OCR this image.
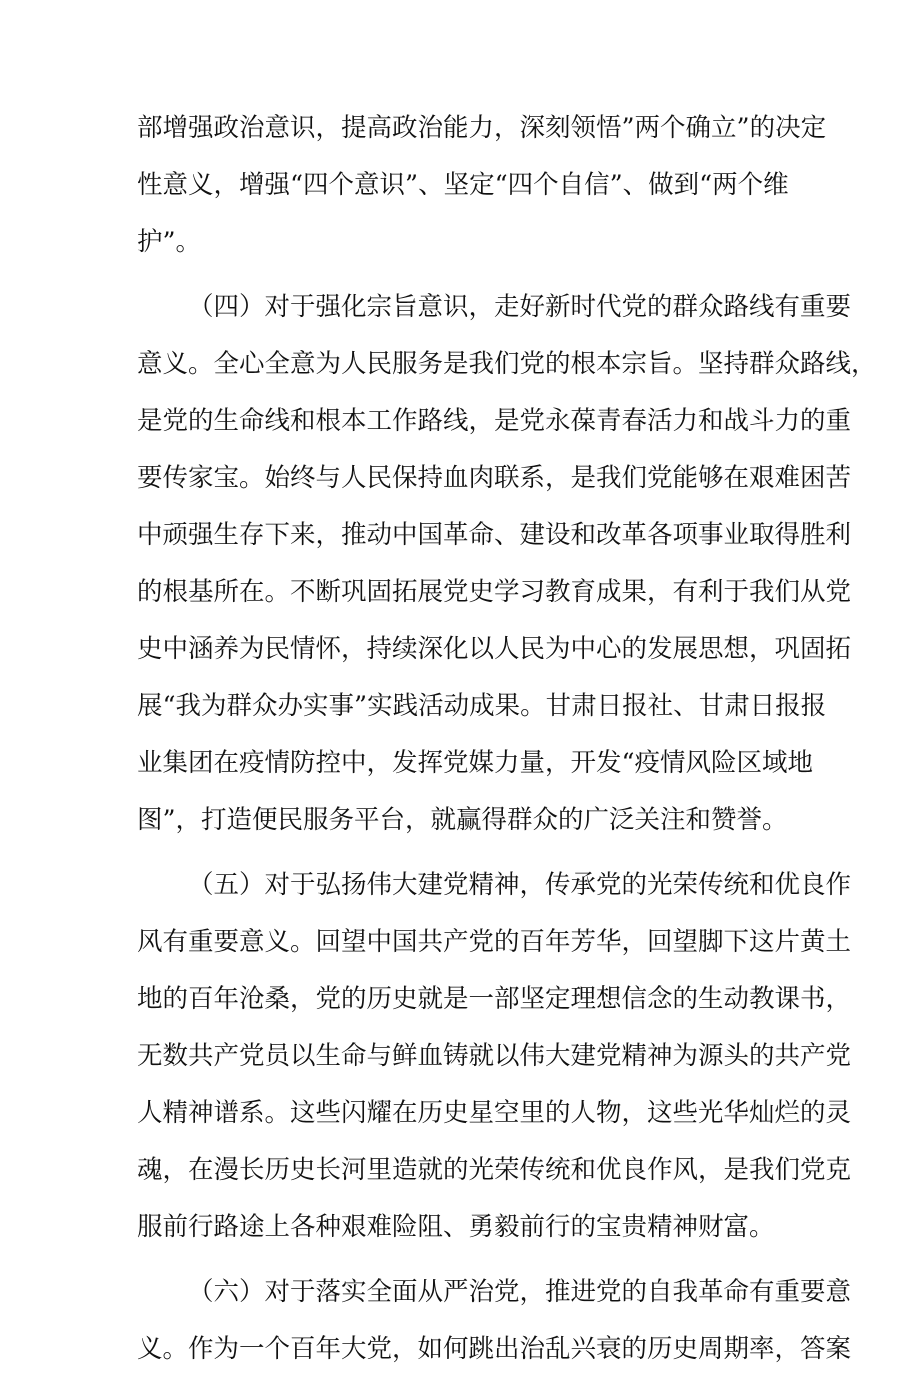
部增强政治意识，提高政治能力，深刻领悟”两个确立”的决定
性意义，增强“四个意识”、坚定“四个自信”、做到“两个维
护”。
（四）对于强化宗旨意识，走好新时代党的群众路线有重要
意义。全心全意为人民服务是我们党的根本宗旨。坚持群众路线，
是党的生命线和根本工作路线，是党永葆青春活力和战斗力的重
要传家宝。始终与人民保持血肉联系，是我们党能够在艰难困苦
中顽强生存下来，推动中国革命、建设和改革各项事业取得胜利
的根基所在。不断巩固拓展党史学习教育成果，有利于我们从党
史中涵养为民情怀，持续深化以人民为中心的发展思想，巩固拓
展“我为群众办实事”实践活动成果。甘肃日报社、甘肃日报报
业集团在疫情防控中，发挥党媒力量，开发“疫情风险区域地
图”，打造便民服务平台，就赢得群众的广泛关注和赞誉。
（五）对于弘扬伟大建党精神，传承党的光荣传统和优良作
风有重要意义。回望中国共产党的百年芳华，回望脚下这片黄土
地的百年沧桑，党的历史就是一部坚定理想信念的生动教课书，
无数共产党员以生命与鲜血铸就以伟大建党精神为源头的共产党
人精神谱系。这些闪耀在历史星空里的人物，这些光华灿烂的灵
魂，在漫长历史长河里造就的光荣传统和优良作风，是我们党克
服前行路途上各种艰难险阻、勇毅前行的宝贵精神财富。
（六）对于落实全面从严治党，推进党的自我革命有重要意
义。作为一个百年大党，如何跳出治乱兴衰的历史周期率，答案
